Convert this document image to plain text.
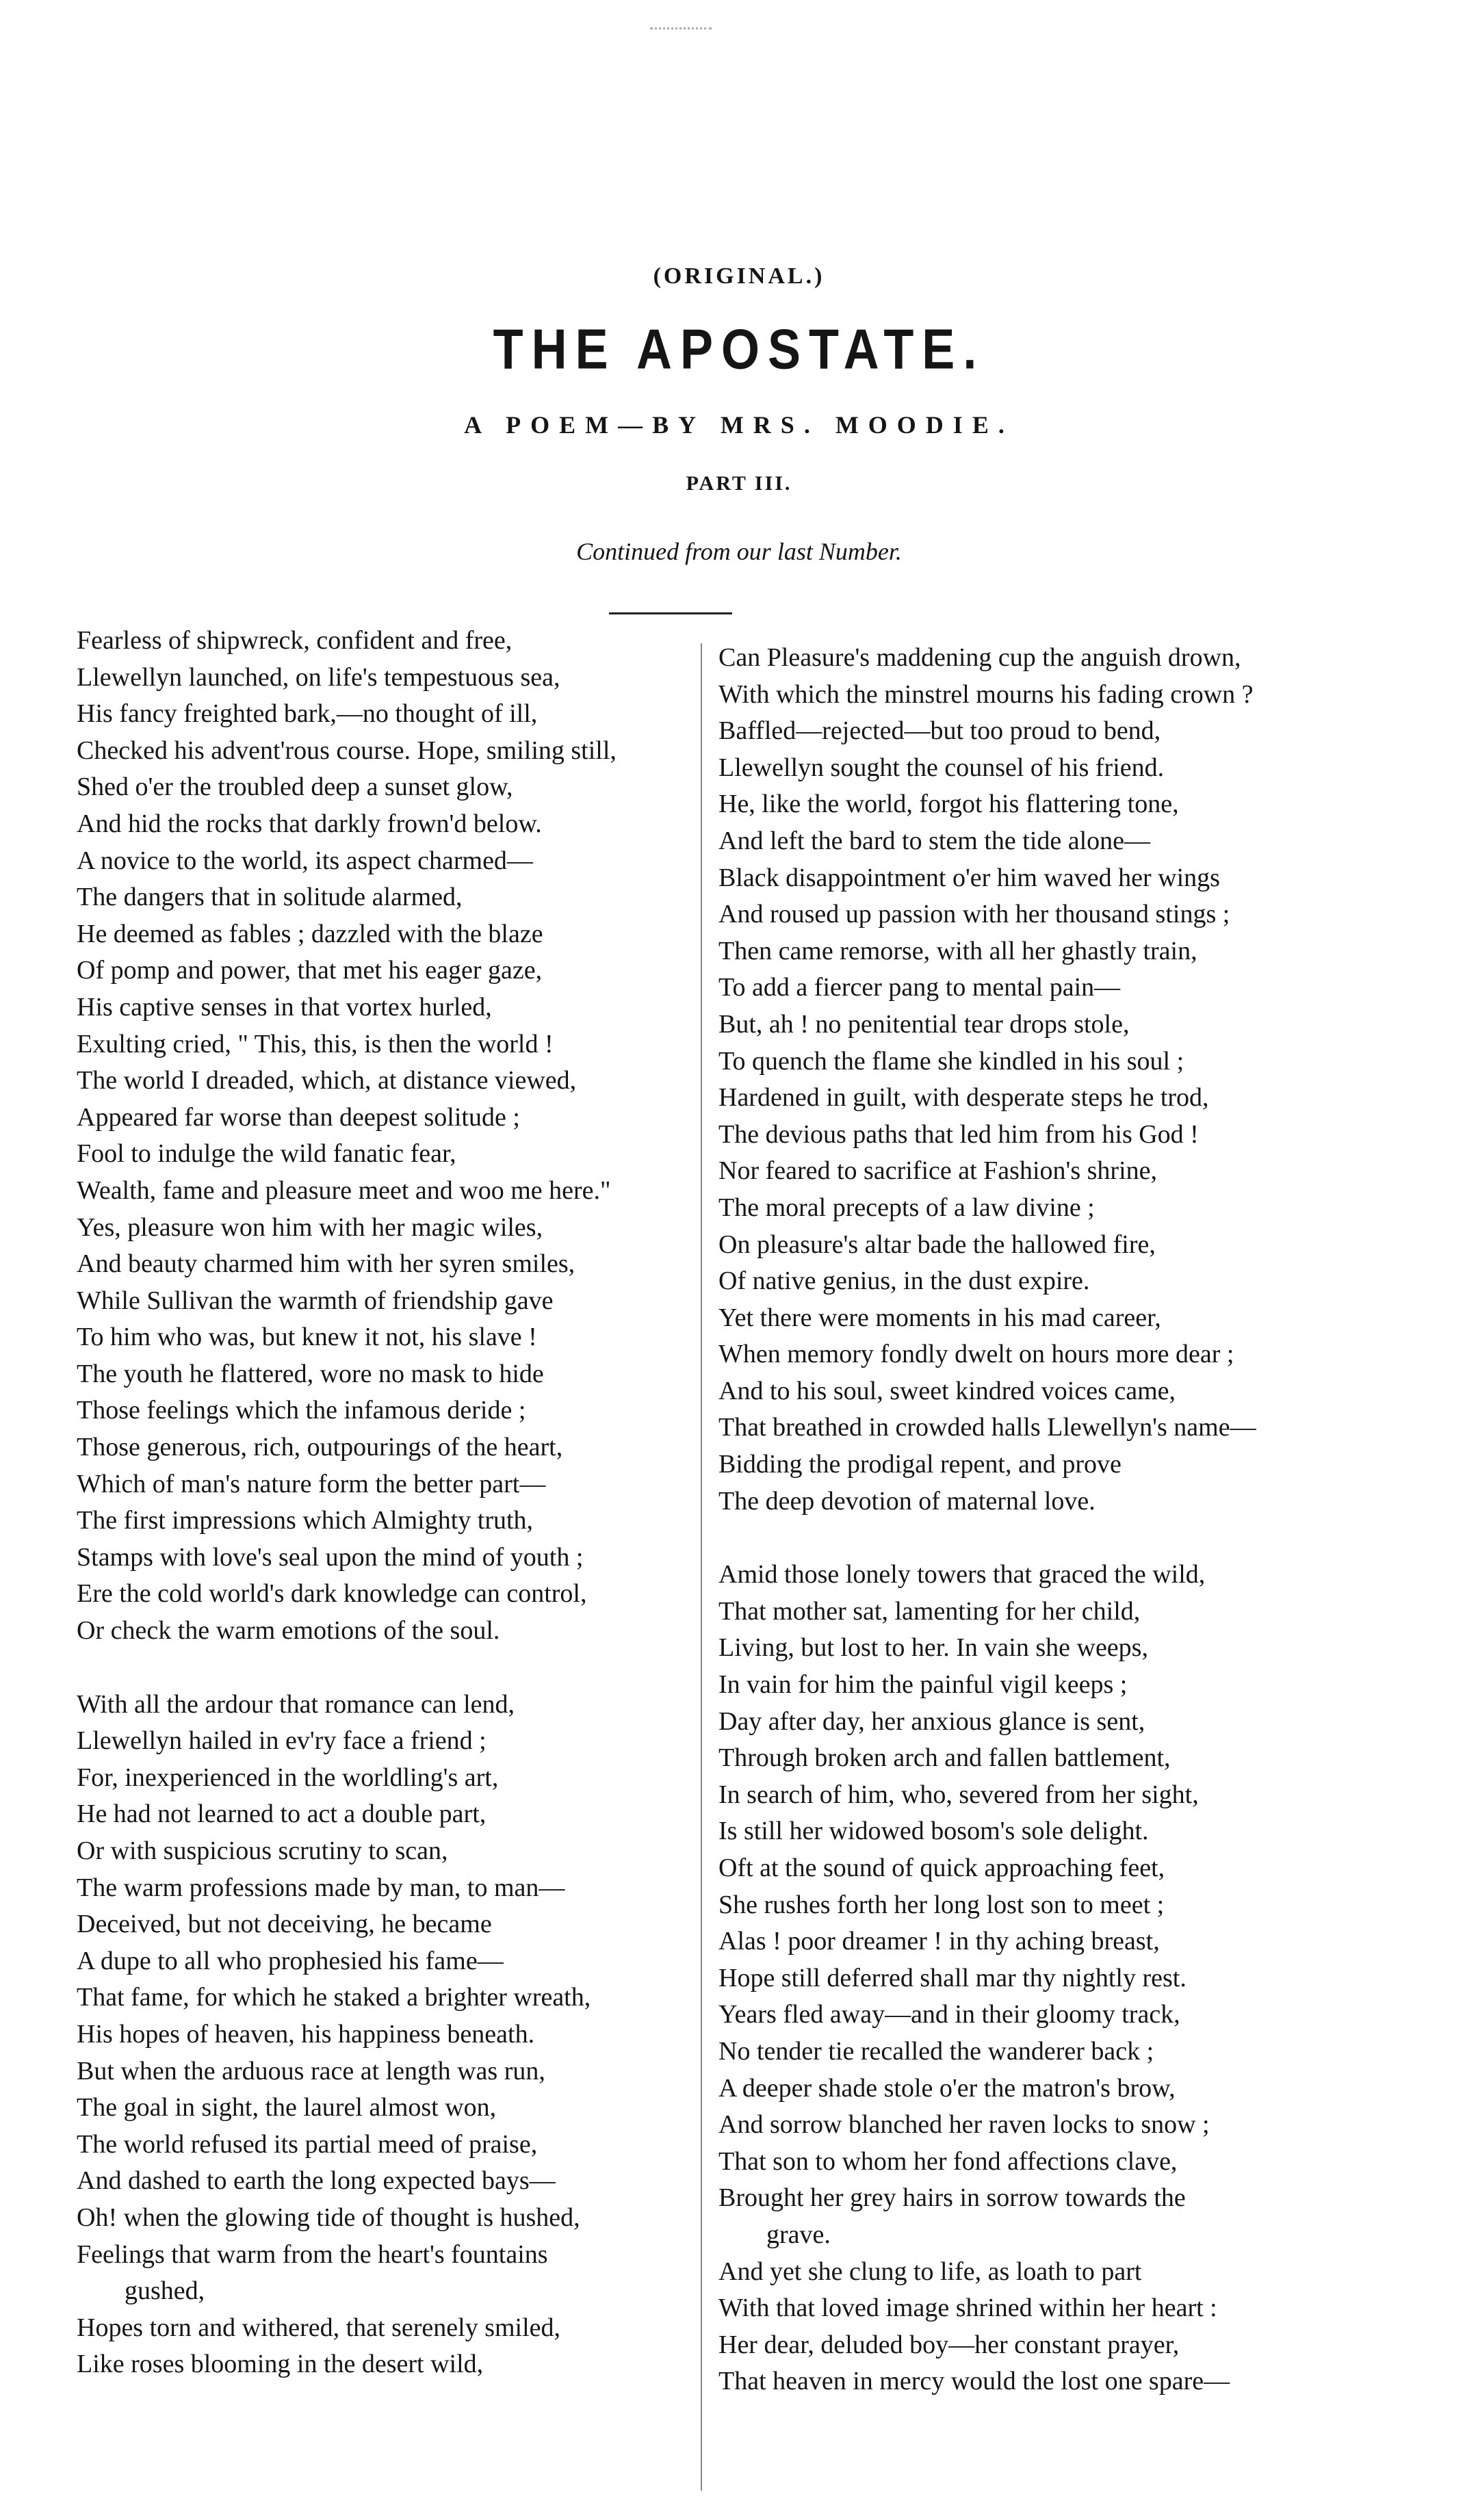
(ORIGINAL.)
THE APOSTATE.
A POEM—BY MRS. MOODIE.
PART III.
Continued from our last Number.
Fearless of shipwreck, confident and free,
Llewellyn launched, on life's tempestuous sea,
His fancy freighted bark,—no thought of ill,
Checked his advent'rous course. Hope, smiling still,
Shed o'er the troubled deep a sunset glow,
And hid the rocks that darkly frown'd below.
A novice to the world, its aspect charmed—
The dangers that in solitude alarmed,
He deemed as fables ; dazzled with the blaze
Of pomp and power, that met his eager gaze,
His captive senses in that vortex hurled,
Exulting cried, " This, this, is then the world !
The world I dreaded, which, at distance viewed,
Appeared far worse than deepest solitude ;
Fool to indulge the wild fanatic fear,
Wealth, fame and pleasure meet and woo me here."
Yes, pleasure won him with her magic wiles,
And beauty charmed him with her syren smiles,
While Sullivan the warmth of friendship gave
To him who was, but knew it not, his slave !
The youth he flattered, wore no mask to hide
Those feelings which the infamous deride ;
Those generous, rich, outpourings of the heart,
Which of man's nature form the better part—
The first impressions which Almighty truth,
Stamps with love's seal upon the mind of youth ;
Ere the cold world's dark knowledge can control,
Or check the warm emotions of the soul.
With all the ardour that romance can lend,
Llewellyn hailed in ev'ry face a friend ;
For, inexperienced in the worldling's art,
He had not learned to act a double part,
Or with suspicious scrutiny to scan,
The warm professions made by man, to man—
Deceived, but not deceiving, he became
A dupe to all who prophesied his fame—
That fame, for which he staked a brighter wreath,
His hopes of heaven, his happiness beneath.
But when the arduous race at length was run,
The goal in sight, the laurel almost won,
The world refused its partial meed of praise,
And dashed to earth the long expected bays—
Oh! when the glowing tide of thought is hushed,
Feelings that warm from the heart's fountains
gushed,
Hopes torn and withered, that serenely smiled,
Like roses blooming in the desert wild,
Can Pleasure's maddening cup the anguish drown,
With which the minstrel mourns his fading crown ?
Baffled—rejected—but too proud to bend,
Llewellyn sought the counsel of his friend.
He, like the world, forgot his flattering tone,
And left the bard to stem the tide alone—
Black disappointment o'er him waved her wings
And roused up passion with her thousand stings ;
Then came remorse, with all her ghastly train,
To add a fiercer pang to mental pain—
But, ah ! no penitential tear drops stole,
To quench the flame she kindled in his soul ;
Hardened in guilt, with desperate steps he trod,
The devious paths that led him from his God !
Nor feared to sacrifice at Fashion's shrine,
The moral precepts of a law divine ;
On pleasure's altar bade the hallowed fire,
Of native genius, in the dust expire.
Yet there were moments in his mad career,
When memory fondly dwelt on hours more dear ;
And to his soul, sweet kindred voices came,
That breathed in crowded halls Llewellyn's name—
Bidding the prodigal repent, and prove
The deep devotion of maternal love.
Amid those lonely towers that graced the wild,
That mother sat, lamenting for her child,
Living, but lost to her. In vain she weeps,
In vain for him the painful vigil keeps ;
Day after day, her anxious glance is sent,
Through broken arch and fallen battlement,
In search of him, who, severed from her sight,
Is still her widowed bosom's sole delight.
Oft at the sound of quick approaching feet,
She rushes forth her long lost son to meet ;
Alas ! poor dreamer ! in thy aching breast,
Hope still deferred shall mar thy nightly rest.
Years fled away—and in their gloomy track,
No tender tie recalled the wanderer back ;
A deeper shade stole o'er the matron's brow,
And sorrow blanched her raven locks to snow ;
That son to whom her fond affections clave,
Brought her grey hairs in sorrow towards the
grave.
And yet she clung to life, as loath to part
With that loved image shrined within her heart :
Her dear, deluded boy—her constant prayer,
That heaven in mercy would the lost one spare—
